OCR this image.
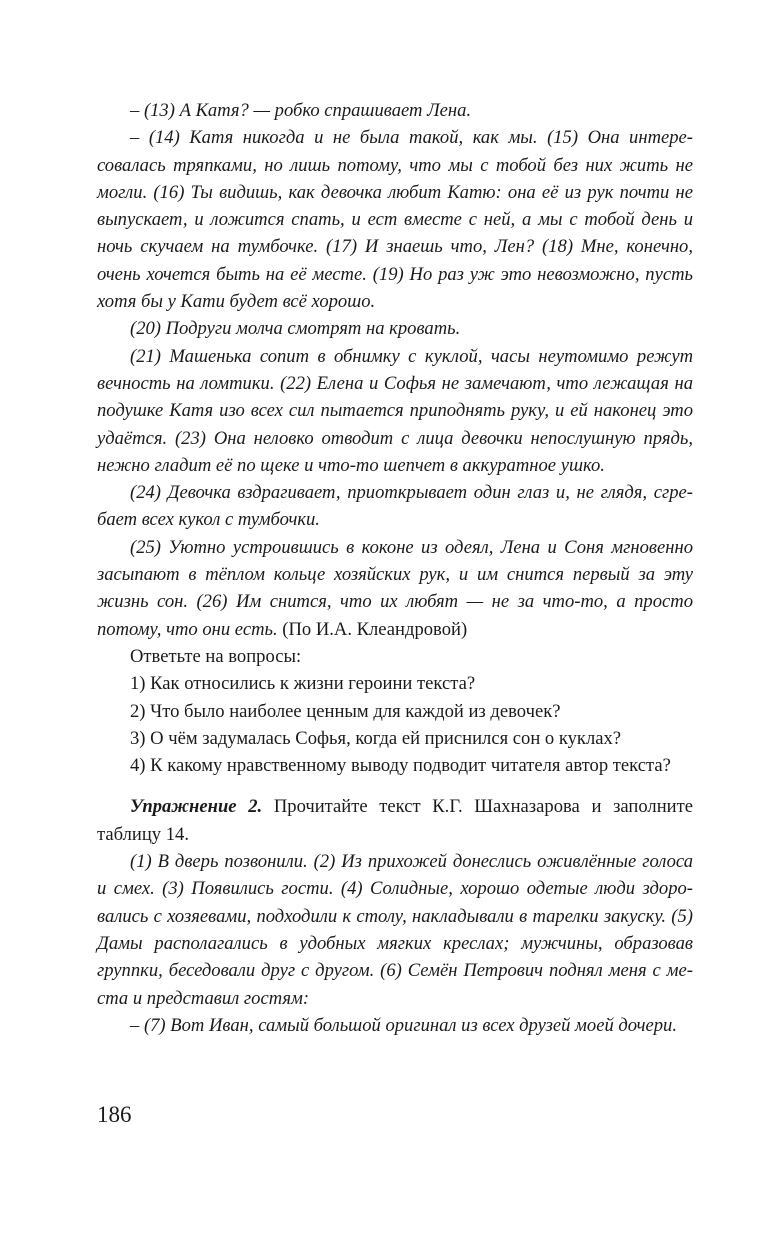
– (13) А Катя? — робко спрашивает Лена.

– (14) Катя никогда и не была такой, как мы. (15) Она интересовалась тряпками, но лишь потому, что мы с тобой без них жить не могли. (16) Ты видишь, как девочка любит Катю: она её из рук почти не выпускает, и ложится спать, и ест вместе с ней, а мы с тобой день и ночь скучаем на тумбочке. (17) И знаешь что, Лен? (18) Мне, конечно, очень хочется быть на её месте. (19) Но раз уж это невозможно, пусть хотя бы у Кати будет всё хорошо.

(20) Подруги молча смотрят на кровать.

(21) Машенька сопит в обнимку с куклой, часы неутомимо режут вечность на ломтики. (22) Елена и Софья не замечают, что лежащая на подушке Катя изо всех сил пытается приподнять руку, и ей наконец это удаётся. (23) Она неловко отводит с лица девочки непослушную прядь, нежно гладит её по щеке и что-то шепчет в аккуратное ушко.

(24) Девочка вздрагивает, приоткрывает один глаз и, не глядя, сгребает всех кукол с тумбочки.

(25) Уютно устроившись в коконе из одеял, Лена и Соня мгновенно засыпают в тёплом кольце хозяйских рук, и им снится первый за эту жизнь сон. (26) Им снится, что их любят — не за что-то, а просто потому, что они есть. (По И.А. Клеандровой)

Ответьте на вопросы:

1) Как относились к жизни героини текста?

2) Что было наиболее ценным для каждой из девочек?

3) О чём задумалась Софья, когда ей приснился сон о куклах?

4) К какому нравственному выводу подводит читателя автор текста?

Упражнение 2. Прочитайте текст К.Г. Шахназарова и заполните таблицу 14.

(1) В дверь позвонили. (2) Из прихожей донеслись оживлённые голоса и смех. (3) Появились гости. (4) Солидные, хорошо одетые люди здоровались с хозяевами, подходили к столу, накладывали в тарелки закуску. (5) Дамы располагались в удобных мягких креслах; мужчины, образовав группки, беседовали друг с другом. (6) Семён Петрович поднял меня с места и представил гостям:

– (7) Вот Иван, самый большой оригинал из всех друзей моей дочери.

186
